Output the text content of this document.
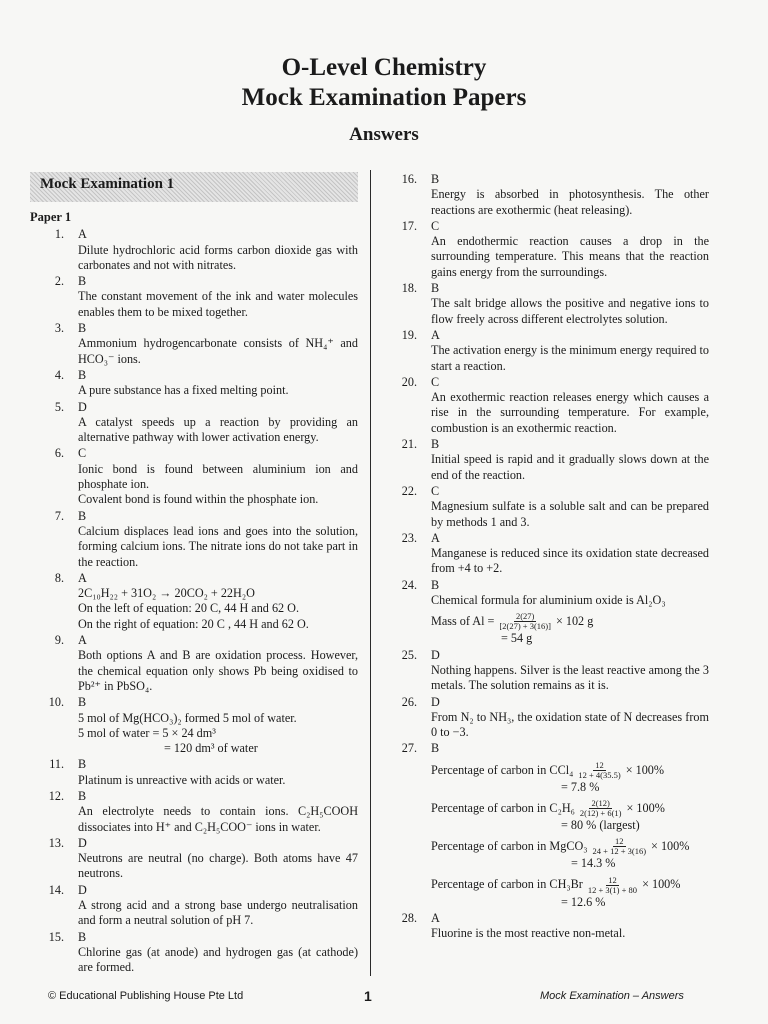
O-Level Chemistry
Mock Examination Papers
Answers
Mock Examination 1
Paper 1
1.	A
Dilute hydrochloric acid forms carbon dioxide gas with carbonates and not with nitrates.
2.	B
The constant movement of the ink and water molecules enables them to be mixed together.
3.	B
Ammonium hydrogencarbonate consists of NH₄⁺ and HCO₃⁻ ions.
4.	B
A pure substance has a fixed melting point.
5.	D
A catalyst speeds up a reaction by providing an alternative pathway with lower activation energy.
6.	C
Ionic bond is found between aluminium ion and phosphate ion.
Covalent bond is found within the phosphate ion.
7.	B
Calcium displaces lead ions and goes into the solution, forming calcium ions. The nitrate ions do not take part in the reaction.
8.	A
2C₁₀H₂₂ + 31O₂ → 20CO₂ + 22H₂O
On the left of equation: 20 C, 44 H and 62 O.
On the right of equation: 20 C , 44 H and 62 O.
9.	A
Both options A and B are oxidation process. However, the chemical equation only shows Pb being oxidised to Pb²⁺ in PbSO₄.
10.	B
5 mol of Mg(HCO₃)₂ formed 5 mol of water.
5 mol of water = 5 × 24 dm³
= 120 dm³ of water
11.	B
Platinum is unreactive with acids or water.
12.	B
An electrolyte needs to contain ions. C₂H₅COOH dissociates into H⁺ and C₂H₅COO⁻ ions in water.
13.	D
Neutrons are neutral (no charge). Both atoms have 47 neutrons.
14.	D
A strong acid and a strong base undergo neutralisation and form a neutral solution of pH 7.
15.	B
Chlorine gas (at anode) and hydrogen gas (at cathode) are formed.
16.	B
Energy is absorbed in photosynthesis. The other reactions are exothermic (heat releasing).
17.	C
An endothermic reaction causes a drop in the surrounding temperature. This means that the reaction gains energy from the surroundings.
18.	B
The salt bridge allows the positive and negative ions to flow freely across different electrolytes solution.
19.	A
The activation energy is the minimum energy required to start a reaction.
20.	C
An exothermic reaction releases energy which causes a rise in the surrounding temperature. For example, combustion is an exothermic reaction.
21.	B
Initial speed is rapid and it gradually slows down at the end of the reaction.
22.	C
Magnesium sulfate is a soluble salt and can be prepared by methods 1 and 3.
23.	A
Manganese is reduced since its oxidation state decreased from +4 to +2.
24.	B
Chemical formula for aluminium oxide is Al₂O₃
Mass of $Al = \frac{2(27)}{[2(27) + 3(16)]} \times 102$ g
= 54 g
25.	D
Nothing happens. Silver is the least reactive among the 3 metals. The solution remains as it is.
26.	D
From N₂ to NH₃, the oxidation state of N decreases from 0 to −3.
27.	B
Percentage of carbon in $CCl_4 \frac{12}{12 + 4(35.5)} \times 100\%$
= 7.8 %
Percentage of carbon in $C_2H_6 \frac{2(12)}{2(12) + 6(1)} \times 100\%$
= 80 % (largest)
Percentage of carbon in MgCO₃ $\frac{12}{24 + 12 + 3(16)} \times 100\%$
= 14.3 %
Percentage of carbon in $CH_3Br \frac{12}{12 + 3(1) + 80} \times 100\%$
= 12.6 %
28.	A
Fluorine is the most reactive non-metal.
© Educational Publishing House Pte Ltd	1	Mock Examination – Answers
